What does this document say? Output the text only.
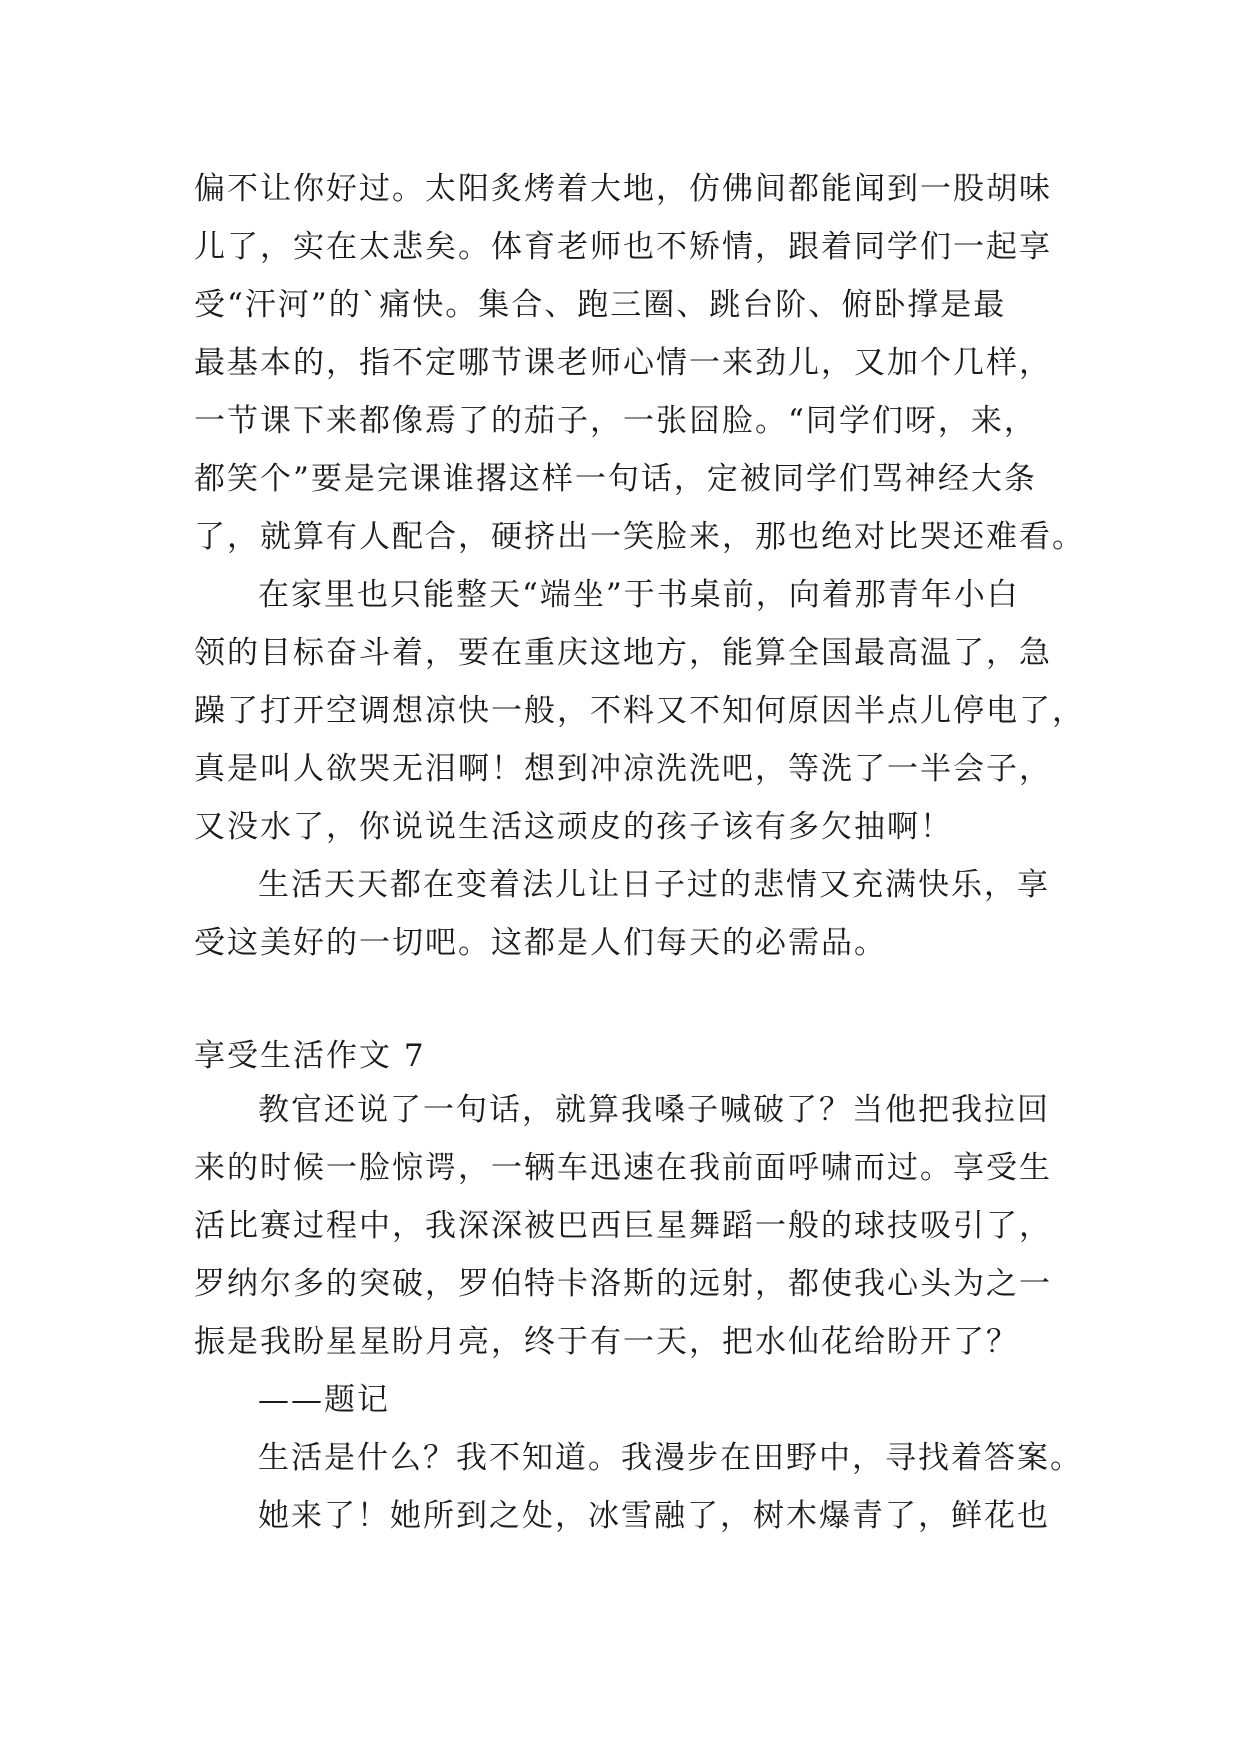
偏不让你好过。太阳炙烤着大地，仿佛间都能闻到一股胡味
儿了，实在太悲矣。体育老师也不矫情，跟着同学们一起享
受“汗河”的`痛快。集合、跑三圈、跳台阶、俯卧撑是最
最基本的，指不定哪节课老师心情一来劲儿，又加个几样，
一节课下来都像焉了的茄子，一张囧脸。“同学们呀，来，
都笑个”要是完课谁撂这样一句话，定被同学们骂神经大条
了，就算有人配合，硬挤出一笑脸来，那也绝对比哭还难看。
在家里也只能整天“端坐”于书桌前，向着那青年小白
领的目标奋斗着，要在重庆这地方，能算全国最高温了，急
躁了打开空调想凉快一般，不料又不知何原因半点儿停电了，
真是叫人欲哭无泪啊！想到冲凉洗洗吧，等洗了一半会子，
又没水了，你说说生活这顽皮的孩子该有多欠抽啊！
生活天天都在变着法儿让日子过的悲情又充满快乐，享
受这美好的一切吧。这都是人们每天的必需品。
享受生活作文 7
教官还说了一句话，就算我嗓子喊破了？当他把我拉回
来的时候一脸惊谔，一辆车迅速在我前面呼啸而过。享受生
活比赛过程中，我深深被巴西巨星舞蹈一般的球技吸引了，
罗纳尔多的突破，罗伯特卡洛斯的远射，都使我心头为之一
振是我盼星星盼月亮，终于有一天，把水仙花给盼开了？
——题记
生活是什么？我不知道。我漫步在田野中，寻找着答案。
她来了！她所到之处，冰雪融了，树木爆青了，鲜花也
